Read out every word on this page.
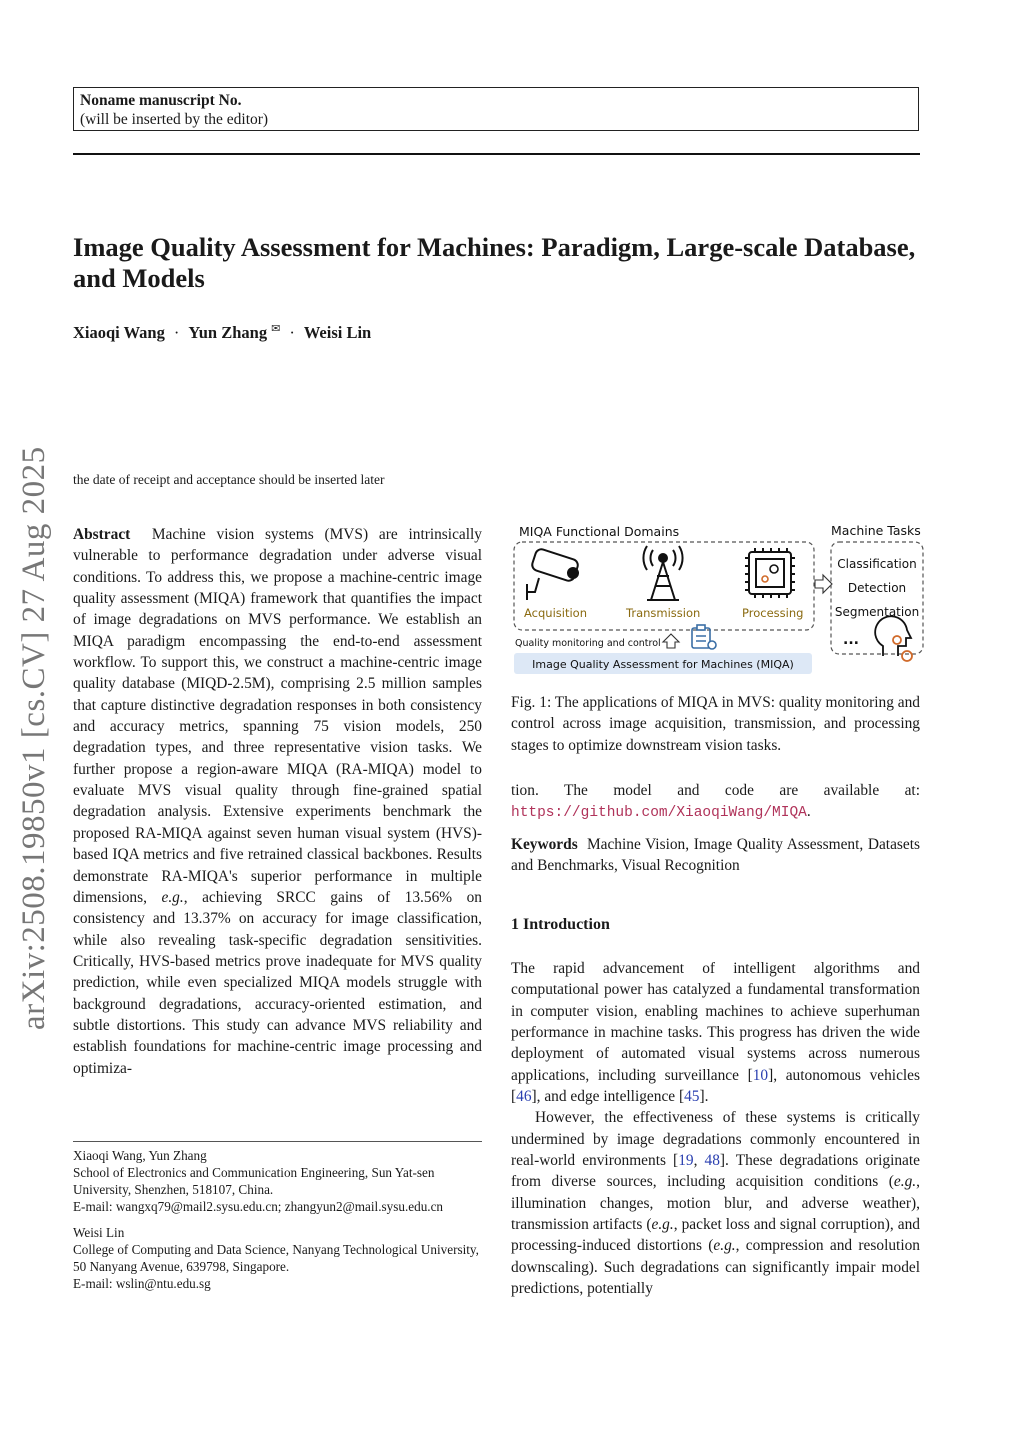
Noname manuscript No.
(will be inserted by the editor)
Image Quality Assessment for Machines: Paradigm, Large-scale Database, and Models
Xiaoqi Wang · Yun Zhang ✉ · Weisi Lin
arXiv:2508.19850v1 [cs.CV] 27 Aug 2025 the date of receipt and acceptance should be inserted later
Abstract Machine vision systems (MVS) are intrinsically vulnerable to performance degradation under adverse visual conditions. To address this, we propose a machine-centric image quality assessment (MIQA) framework that quantifies the impact of image degradations on MVS performance. We establish an MIQA paradigm encompassing the end-to-end assessment workflow. To support this, we construct a machine-centric image quality database (MIQD-2.5M), comprising 2.5 million samples that capture distinctive degradation responses in both consistency and accuracy metrics, spanning 75 vision models, 250 degradation types, and three representative vision tasks. We further propose a region-aware MIQA (RA-MIQA) model to evaluate MVS visual quality through fine-grained spatial degradation analysis. Extensive experiments benchmark the proposed RA-MIQA against seven human visual system (HVS)-based IQA metrics and five retrained classical backbones. Results demonstrate RA-MIQA's superior performance in multiple dimensions, e.g., achieving SRCC gains of 13.56% on consistency and 13.37% on accuracy for image classification, while also revealing task-specific degradation sensitivities. Critically, HVS-based metrics prove inadequate for MVS quality prediction, while even specialized MIQA models struggle with background degradations, accuracy-oriented estimation, and subtle distortions. This study can advance MVS reliability and establish foundations for machine-centric image processing and optimiza-

Xiaoqi Wang, Yun Zhang
School of Electronics and Communication Engineering, Sun Yat-sen University, Shenzhen, 518107, China.
E-mail: wangxq79@mail2.sysu.edu.cn; zhangyun2@mail.sysu.edu.cn

Weisi Lin
College of Computing and Data Science, Nanyang Technological University, 50 Nanyang Avenue, 639798, Singapore.
E-mail: wslin@ntu.edu.sg

MIQA Functional Domains	Machine Tasks
Acquisition	Transmission	Processing
Classification
Detection
Segmentation
...
Quality monitoring and control
Image Quality Assessment for Machines (MIQA)
Fig. 1: The applications of MIQA in MVS: quality monitoring and control across image acquisition, transmission, and processing stages to optimize downstream vision tasks.
tion. The model and code are available at: https://github.com/XiaoqiWang/MIQA.
Keywords Machine Vision, Image Quality Assessment, Datasets and Benchmarks, Visual Recognition
1 Introduction

The rapid advancement of intelligent algorithms and computational power has catalyzed a fundamental transformation in computer vision, enabling machines to achieve superhuman performance in machine tasks. This progress has driven the wide deployment of automated visual systems across numerous applications, including surveillance [10], autonomous vehicles [46], and edge intelligence [45].

However, the effectiveness of these systems is critically undermined by image degradations commonly encountered in real-world environments [19, 48]. These degradations originate from diverse sources, including acquisition conditions (e.g., illumination changes, motion blur, and adverse weather), transmission artifacts (e.g., packet loss and signal corruption), and processing-induced distortions (e.g., compression and resolution downscaling). Such degradations can significantly impair model predictions, potentially
